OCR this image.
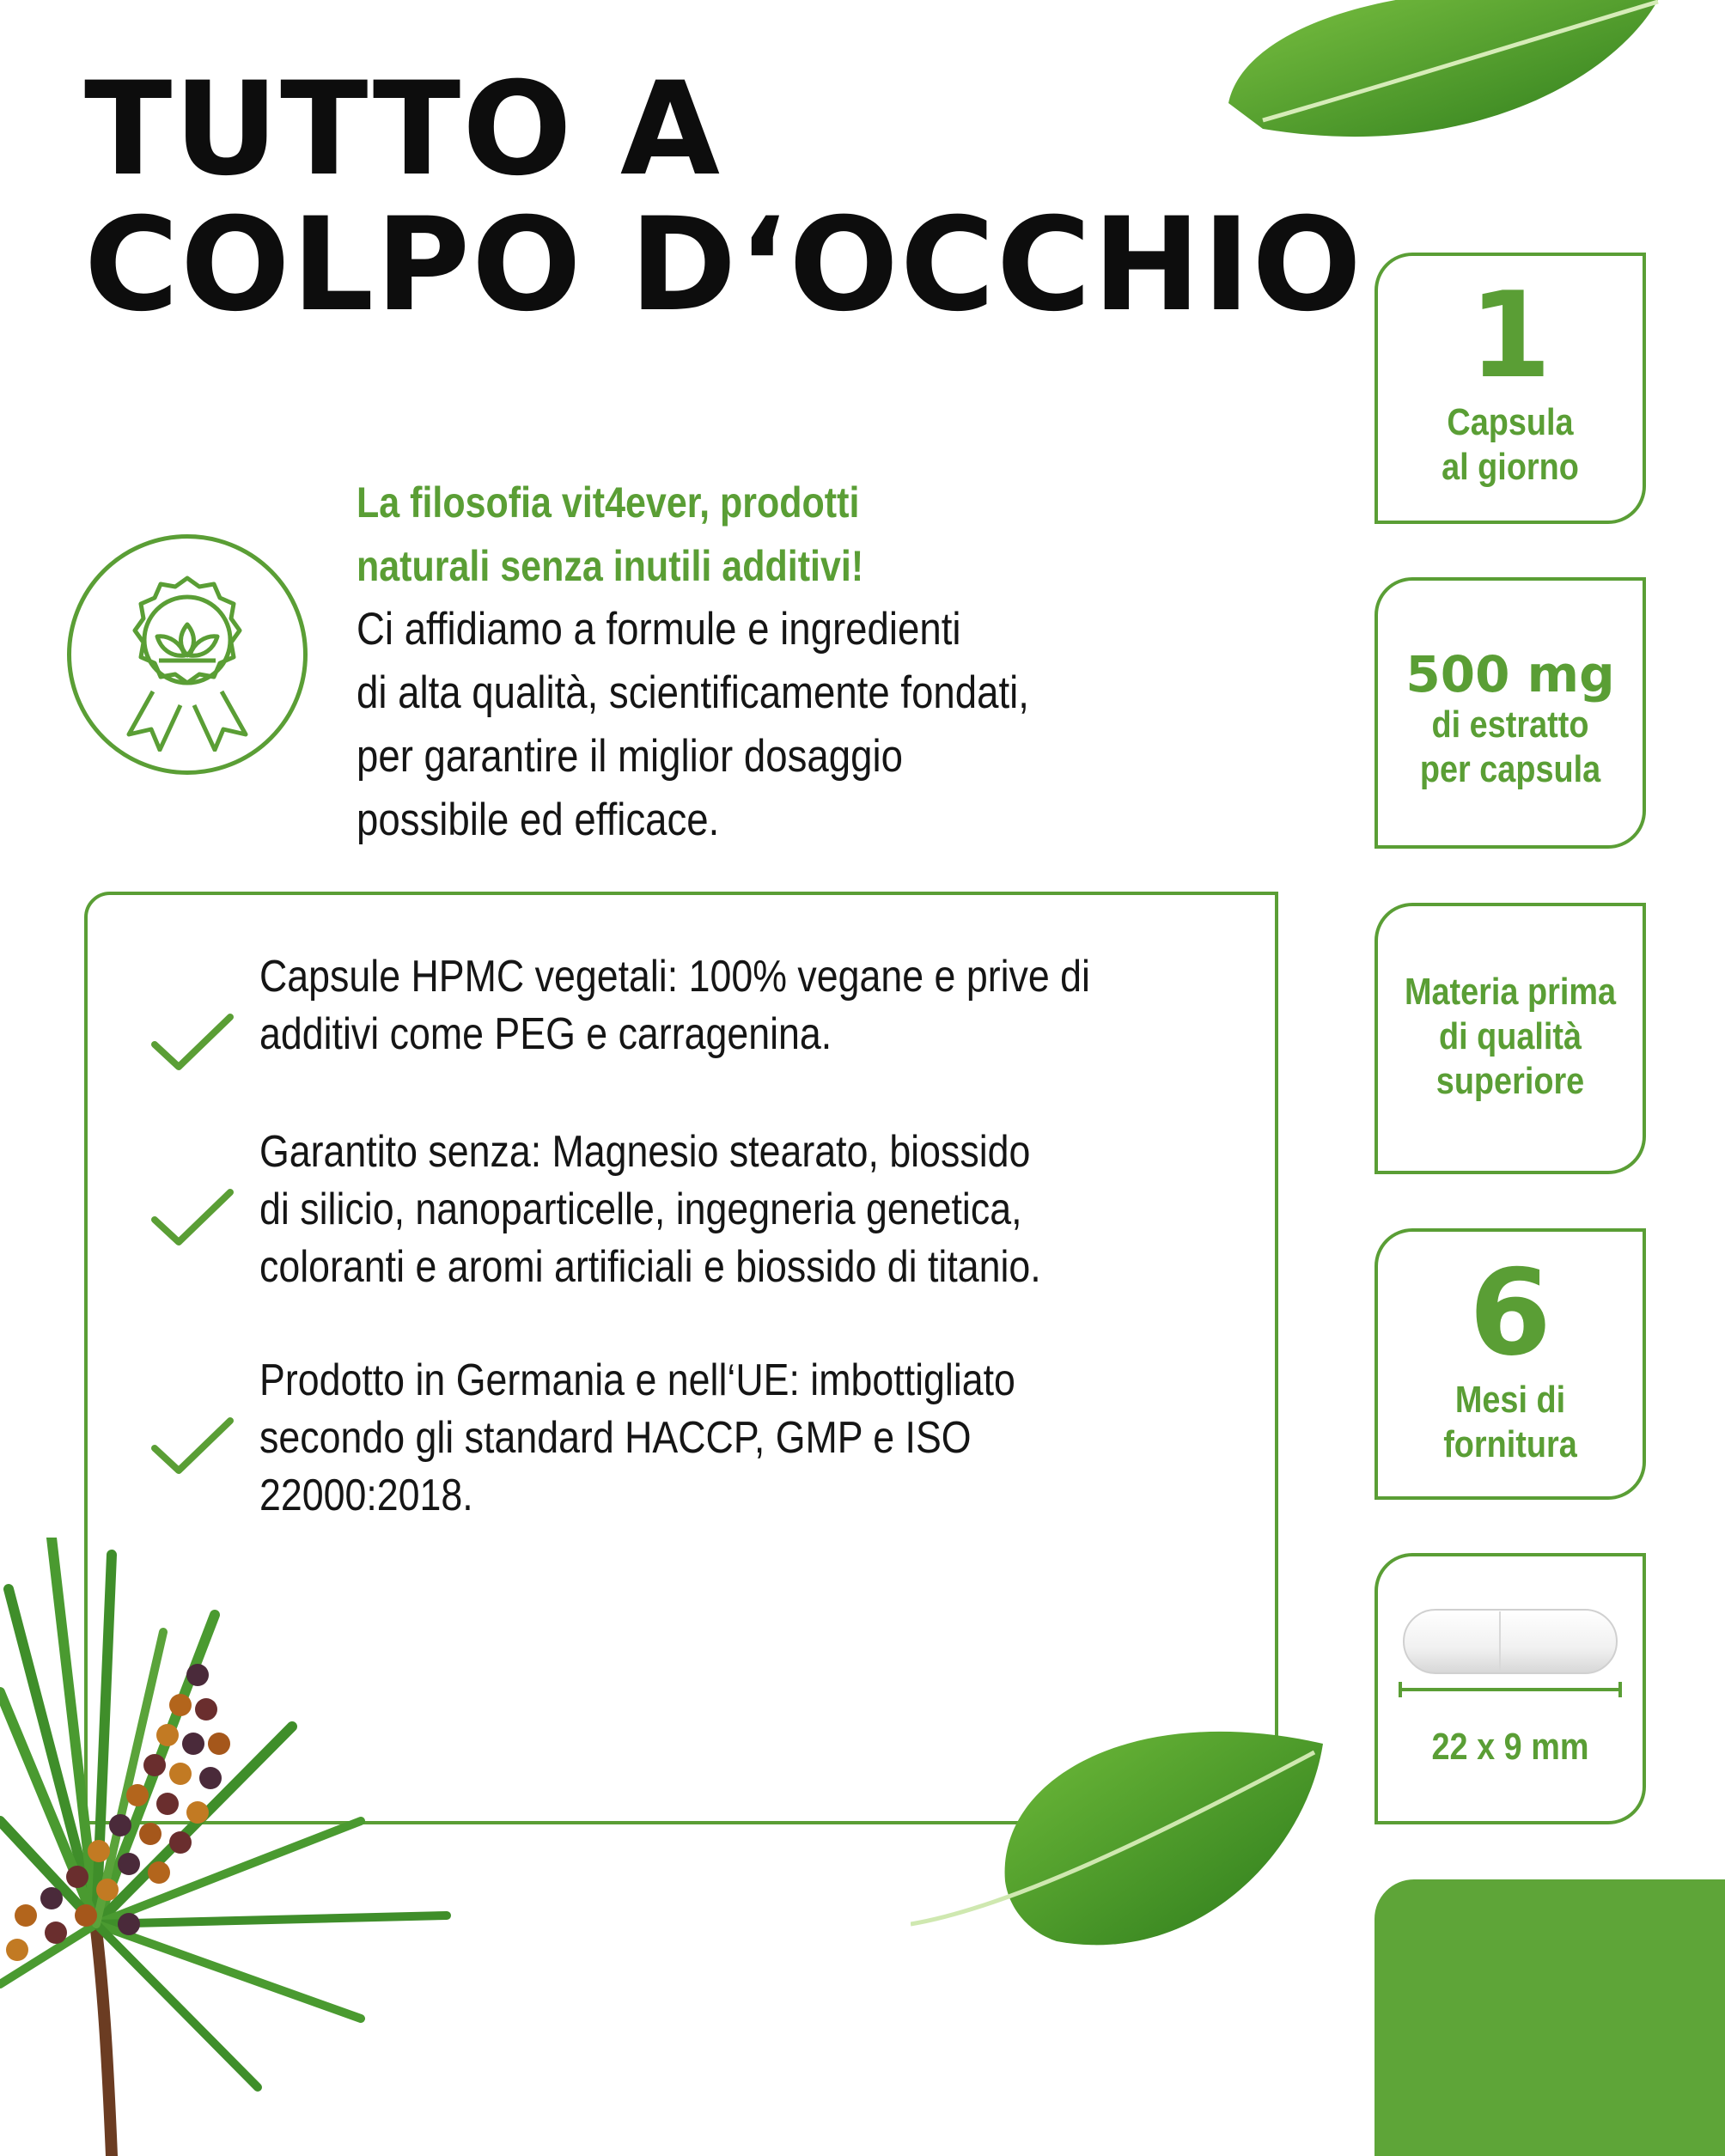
TUTTO A
COLPO D‘OCCHIO
La filosofia vit4ever, prodotti
naturali senza inutili additivi!
Ci affidiamo a formule e ingredienti
di alta qualità, scientificamente fondati,
per garantire il miglior dosaggio
possibile ed efficace.
Capsule HPMC vegetali: 100% vegane e prive di
additivi come PEG e carragenina.
Garantito senza: Magnesio stearato, biossido
di silicio, nanoparticelle, ingegneria genetica,
coloranti e aromi artificiali e biossido di titanio.
Prodotto in Germania e nell‘UE: imbottigliato
secondo gli standard HACCP, GMP e ISO
22000:2018.
1
Capsula
al giorno
500 mg
di estratto
per capsula
Materia prima
di qualità
superiore
6
Mesi di
fornitura
22 x 9 mm
